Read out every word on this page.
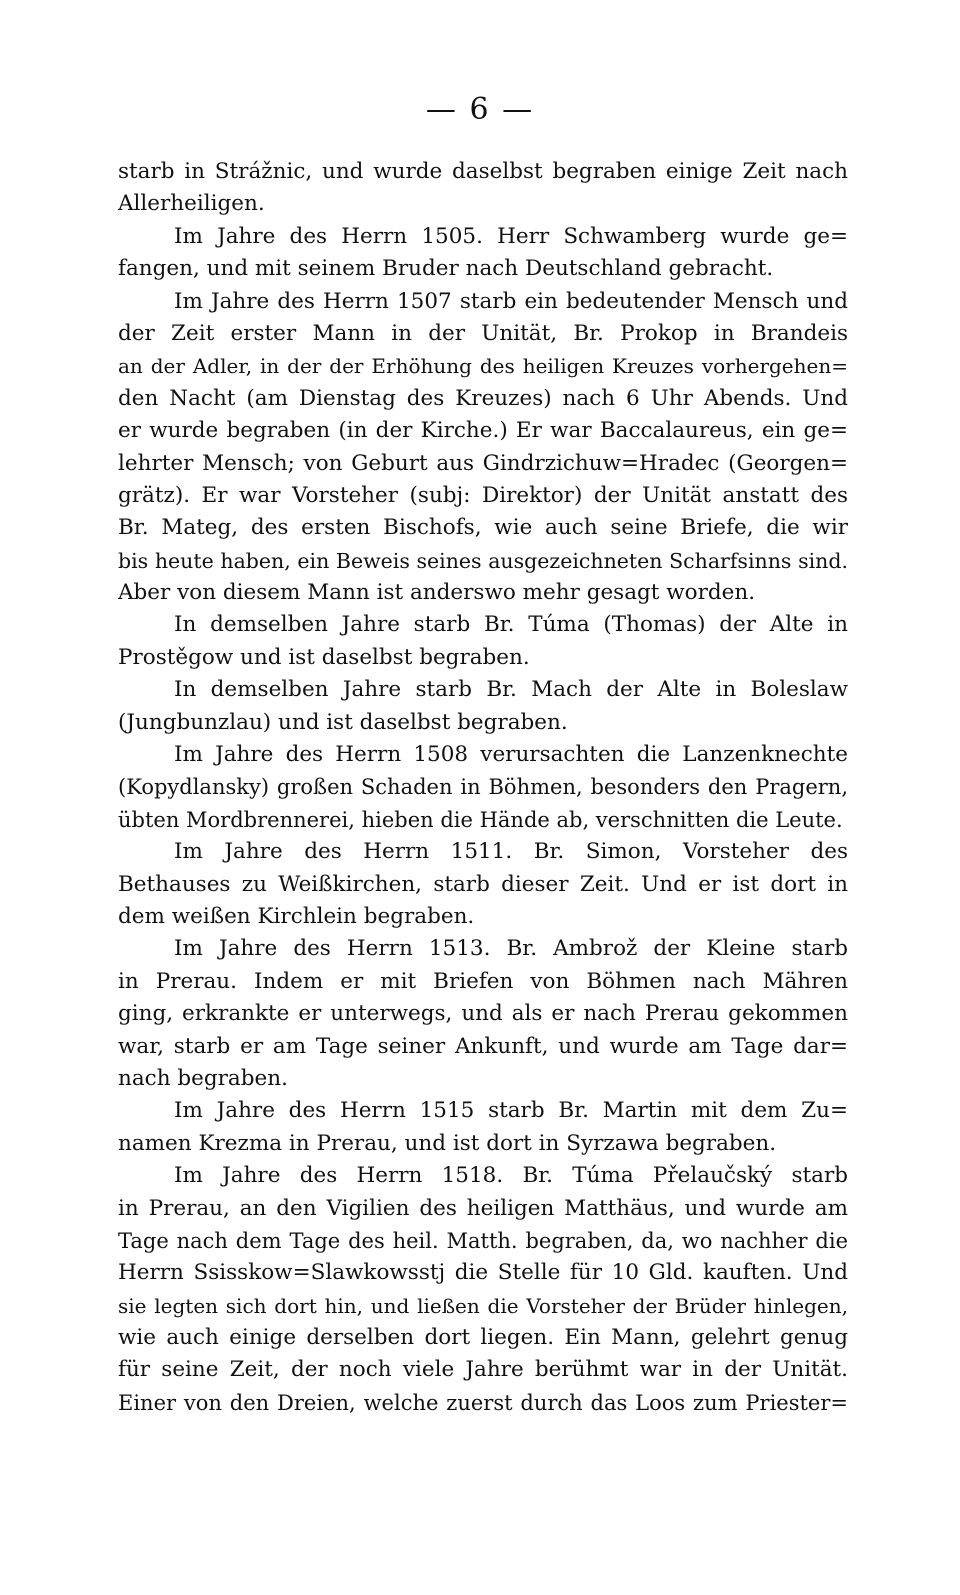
— 6 —
starb in Strážnic, und wurde daselbst begraben einige Zeit nach
Allerheiligen.
Im Jahre des Herrn 1505. Herr Schwamberg wurde ge=
fangen, und mit seinem Bruder nach Deutschland gebracht.
Im Jahre des Herrn 1507 starb ein bedeutender Mensch und
der Zeit erster Mann in der Unität, Br. Prokop in Brandeis
an der Adler, in der der Erhöhung des heiligen Kreuzes vorhergehen=
den Nacht (am Dienstag des Kreuzes) nach 6 Uhr Abends. Und
er wurde begraben (in der Kirche.) Er war Baccalaureus, ein ge=
lehrter Mensch; von Geburt aus Gindrzichuw=Hradec (Georgen=
grätz). Er war Vorsteher (subj: Direktor) der Unität anstatt des
Br. Mateg, des ersten Bischofs, wie auch seine Briefe, die wir
bis heute haben, ein Beweis seines ausgezeichneten Scharfsinns sind.
Aber von diesem Mann ist anderswo mehr gesagt worden.
In demselben Jahre starb Br. Túma (Thomas) der Alte in
Prostěgow und ist daselbst begraben.
In demselben Jahre starb Br. Mach der Alte in Boleslaw
(Jungbunzlau) und ist daselbst begraben.
Im Jahre des Herrn 1508 verursachten die Lanzenknechte
(Kopydlansky) großen Schaden in Böhmen, besonders den Pragern,
übten Mordbrennerei, hieben die Hände ab, verschnitten die Leute.
Im Jahre des Herrn 1511. Br. Simon, Vorsteher des
Bethauses zu Weißkirchen, starb dieser Zeit. Und er ist dort in
dem weißen Kirchlein begraben.
Im Jahre des Herrn 1513. Br. Ambrož der Kleine starb
in Prerau. Indem er mit Briefen von Böhmen nach Mähren
ging, erkrankte er unterwegs, und als er nach Prerau gekommen
war, starb er am Tage seiner Ankunft, und wurde am Tage dar=
nach begraben.
Im Jahre des Herrn 1515 starb Br. Martin mit dem Zu=
namen Krezma in Prerau, und ist dort in Syrzawa begraben.
Im Jahre des Herrn 1518. Br. Túma Přelaučský starb
in Prerau, an den Vigilien des heiligen Matthäus, und wurde am
Tage nach dem Tage des heil. Matth. begraben, da, wo nachher die
Herrn Ssisskow=Slawkowsstj die Stelle für 10 Gld. kauften. Und
sie legten sich dort hin, und ließen die Vorsteher der Brüder hinlegen,
wie auch einige derselben dort liegen. Ein Mann, gelehrt genug
für seine Zeit, der noch viele Jahre berühmt war in der Unität.
Einer von den Dreien, welche zuerst durch das Loos zum Priester=
